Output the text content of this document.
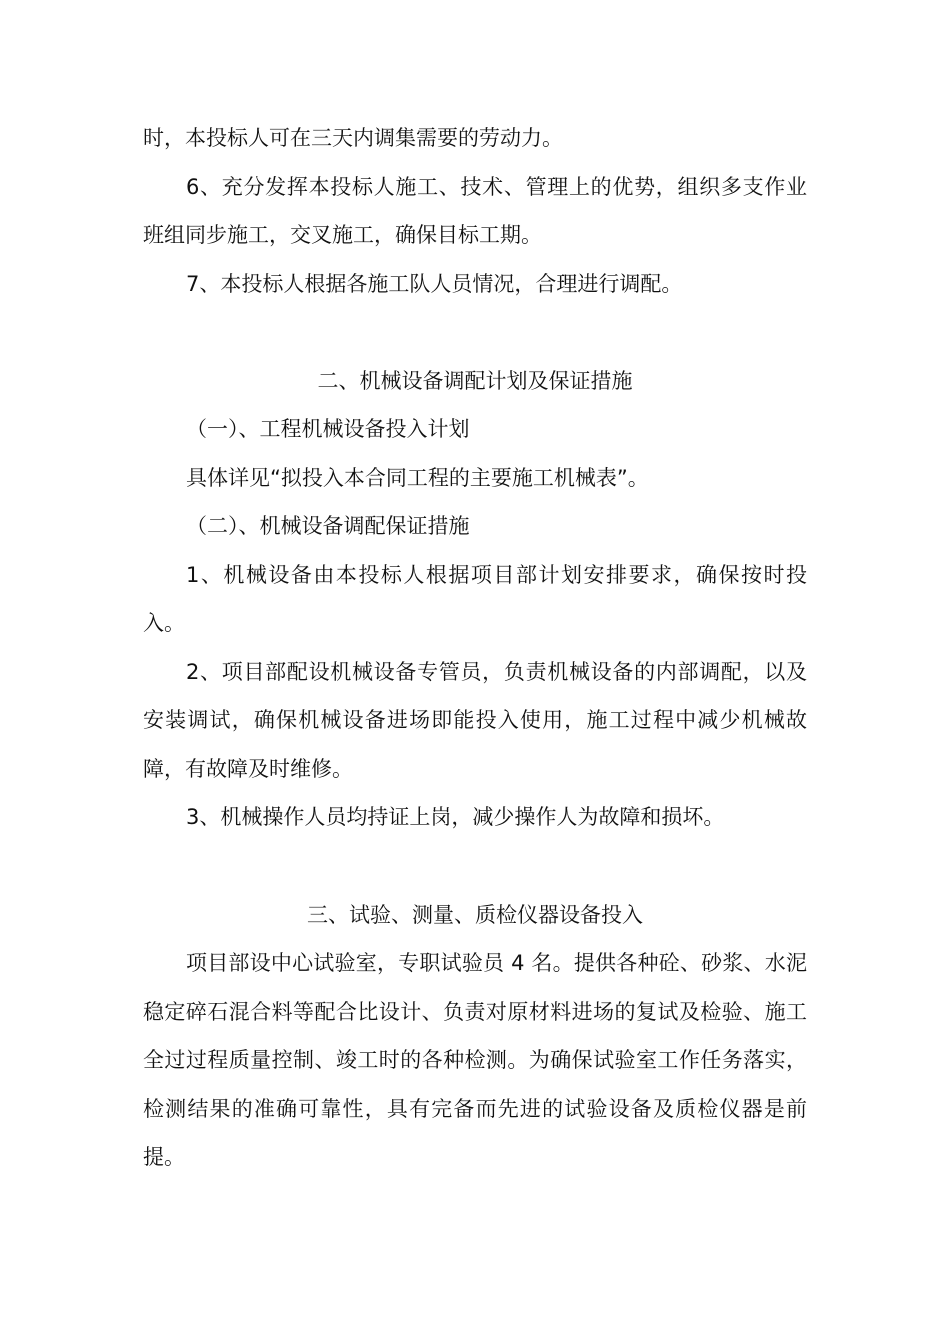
时，本投标人可在三天内调集需要的劳动力。

6、充分发挥本投标人施工、技术、管理上的优势，组织多支作业班组同步施工，交叉施工，确保目标工期。

7、本投标人根据各施工队人员情况，合理进行调配。

二、机械设备调配计划及保证措施

（一）、工程机械设备投入计划

具体详见“拟投入本合同工程的主要施工机械表”。

（二）、机械设备调配保证措施

1、机械设备由本投标人根据项目部计划安排要求，确保按时投入。

2、项目部配设机械设备专管员，负责机械设备的内部调配，以及安装调试，确保机械设备进场即能投入使用，施工过程中减少机械故障，有故障及时维修。

3、机械操作人员均持证上岗，减少操作人为故障和损坏。

三、试验、测量、质检仪器设备投入

项目部设中心试验室，专职试验员 4 名。提供各种砼、砂浆、水泥稳定碎石混合料等配合比设计、负责对原材料进场的复试及检验、施工全过过程质量控制、竣工时的各种检测。为确保试验室工作任务落实，检测结果的准确可靠性，具有完备而先进的试验设备及质检仪器是前提。
